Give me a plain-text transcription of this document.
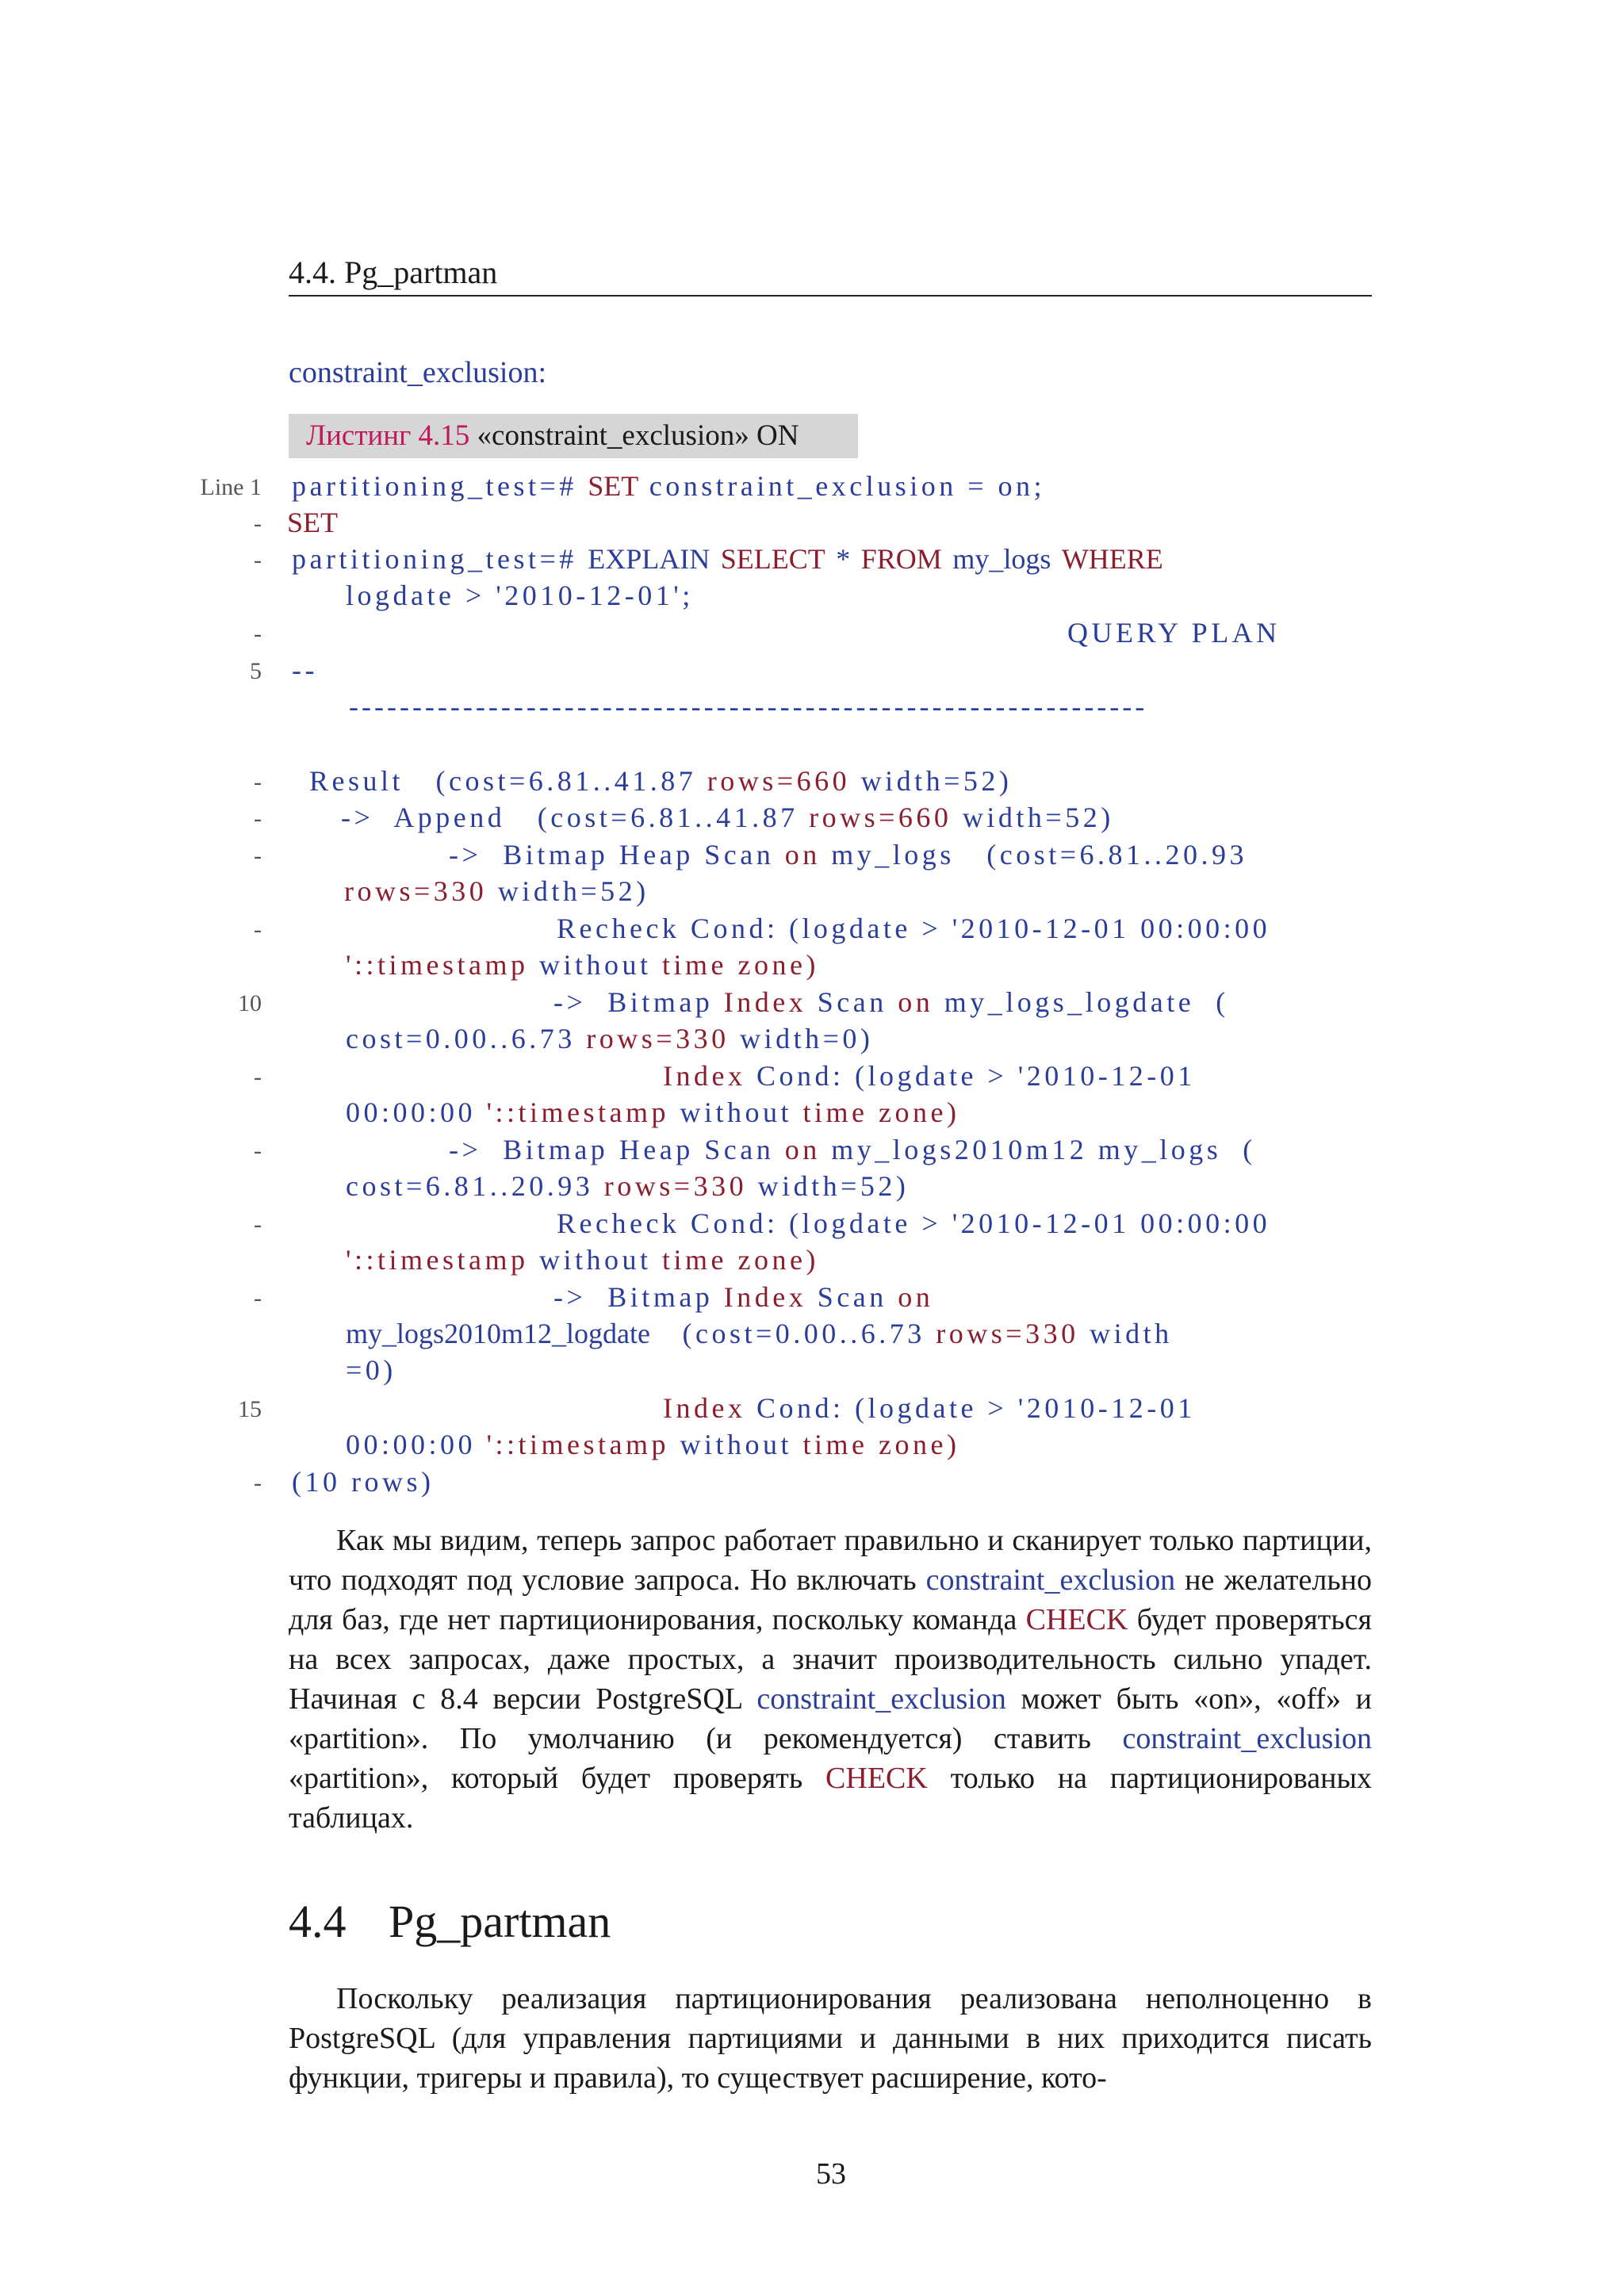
4.4. Pg_partman
constraint_exclusion:
Листинг 4.15 «constraint_exclusion» ON
Line 1
-
-
-
5
-
-
-
-
10
-
-
-
-
15
-
partitioning_test=# SET constraint_exclusion = on;
SET
partitioning_test=# EXPLAIN SELECT * FROM my_logs WHERE
logdate > '2010-12-01';
QUERY PLAN
--
---------------------------------------------------------------
Result (cost=6.81..41.87 rows=660 width=52)
-> Append (cost=6.81..41.87 rows=660 width=52)
-> Bitmap Heap Scan on my_logs (cost=6.81..20.93
rows=330 width=52)
Recheck Cond: (logdate > '2010-12-01 00:00:00
'::timestamp without time zone)
-> Bitmap Index Scan on my_logs_logdate (
cost=0.00..6.73 rows=330 width=0)
Index Cond: (logdate > '2010-12-01
00:00:00 '::timestamp without time zone)
-> Bitmap Heap Scan on my_logs2010m12 my_logs (
cost=6.81..20.93 rows=330 width=52)
Recheck Cond: (logdate > '2010-12-01 00:00:00
'::timestamp without time zone)
-> Bitmap Index Scan on
my_logs2010m12_logdate (cost=0.00..6.73 rows=330 width
=0)
Index Cond: (logdate > '2010-12-01
00:00:00 '::timestamp without time zone)
(10 rows)

Как мы видим, теперь запрос работает правильно и сканирует только партиции, что подходят под условие запроса. Но включать constraint_exclusion не желательно для баз, где нет партиционирования, поскольку команда CHECK будет проверяться на всех запросах, даже простых, а значит производительность сильно упадет. Начиная с 8.4 версии PostgreSQL constraint_exclusion может быть «on», «off» и «partition». По умолчанию (и рекомендуется) ставить constraint_exclusion «partition», который будет проверять CHECK только на партиционированых таблицах.

4.4 Pg_partman

Поскольку реализация партиционирования реализована неполноценно в PostgreSQL (для управления партициями и данными в них приходится писать функции, тригеры и правила), то существует расширение, кото-

53
